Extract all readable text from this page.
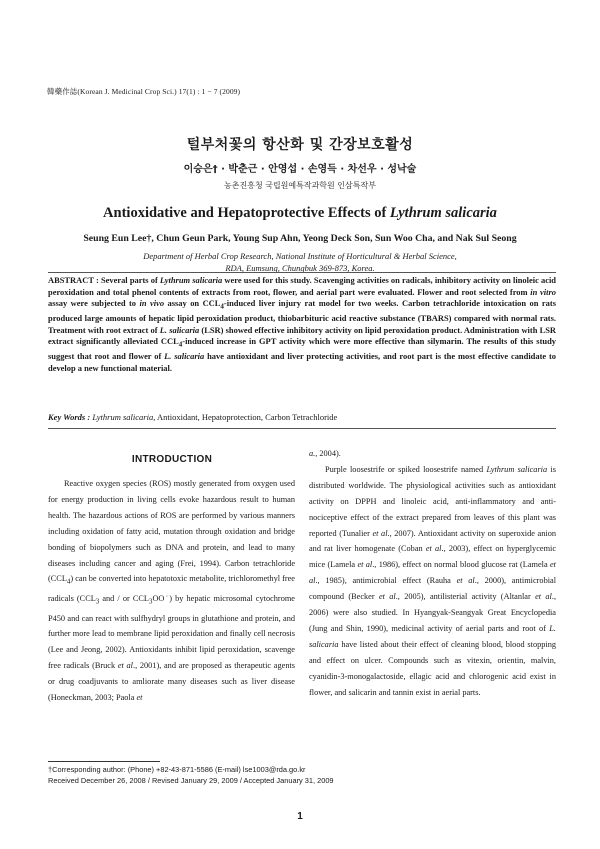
韓藥作誌(Korean J. Medicinal Crop Sci.) 17(1) : 1 − 7 (2009)
털부처꽃의 항산화 및 간장보호활성
이승은† · 박춘근 · 안영섭 · 손영득 · 차선우 · 성낙술
농촌진흥청 국립원예특작과학원 인삼특작부
Antioxidative and Hepatoprotective Effects of Lythrum salicaria
Seung Eun Lee†, Chun Geun Park, Young Sup Ahn, Yeong Deck Son, Sun Woo Cha, and Nak Sul Seong
Department of Herbal Crop Research, National Institute of Horticultural & Herbal Science,
RDA, Eumsung, Chungbuk 369-873, Korea.
ABSTRACT : Several parts of Lythrum salicaria were used for this study. Scavenging activities on radicals, inhibitory activity on linoleic acid peroxidation and total phenol contents of extracts from root, flower, and aerial part were evaluated. Flower and root selected from in vitro assay were subjected to in vivo assay on $CCL_4$-induced liver injury rat model for two weeks. Carbon tetrachloride intoxication on rats produced large amounts of hepatic lipid peroxidation product, thiobarbituric acid reactive substance (TBARS) compared with normal rats. Treatment with root extract of L. salicaria (LSR) showed effective inhibitory activity on lipid peroxidation product. Administration with LSR extract significantly alleviated $CCL_4$-induced increase in GPT activity which were more effective than silymarin. The results of this study suggest that root and flower of L. salicaria have antioxidant and liver protecting activities, and root part is the most effective candidate to develop a new functional material.
Key Words : Lythrum salicaria, Antioxidant, Hepatoprotection, Carbon Tetrachloride
INTRODUCTION

Reactive oxygen species (ROS) mostly generated from oxygen used for energy production in living cells evoke hazardous result to human health. The hazardous actions of ROS are performed by various manners including oxidation of fatty acid, mutation through oxidation and bridge bonding of biopolymers such as DNA and protein, and lead to many diseases including cancer and aging (Frei, 1994). Carbon tetrachloride $(CCL_4)$ can be converted into hepatotoxic metabolite, trichloromethyl free radicals ($CCL_3$ and / or $CCL_3OO˙$) by hepatic microsomal cytochrome P450 and can react with sulfhydryl groups in glutathione and protein, and further more lead to membrane lipid peroxidation and finally cell necrosis (Lee and Jeong, 2002). Antioxidants inhibit lipid peroxidation, scavenge free radicals (Bruck et al., 2001), and are proposed as therapeutic agents or drug coadjuvants to amliorate many diseases such as liver disease (Honeckman, 2003; Paola et

a., 2004).

Purple loosestrife or spiked loosestrife named Lythrum salicaria is distributed worldwide. The physiological activities such as antioxidant activity on DPPH and linoleic acid, anti-inflammatory and anti-nociceptive effect of the extract prepared from leaves of this plant was reported (Tunalier et al., 2007). Antioxidant activity on superoxide anion and rat liver homogenate (Coban et al., 2003), effect on hyperglycemic mice (Lamela et al., 1986), effect on normal blood glucose rat (Lamela et al., 1985), antimicrobial effect (Rauha et al., 2000), antimicrobial compound (Becker et al., 2005), antilisterial activity (Altanlar et al., 2006) were also studied. In Hyangyak-Seangyak Great Encyclopedia (Jung and Shin, 1990), medicinal activity of aerial parts and root of L. salicaria have listed about their effect of cleaning blood, blood stopping and effect on ulcer. Compounds such as vitexin, orientin, malvin, cyanidin-3-monogalactoside, ellagic acid and chlorogenic acid exist in flower, and salicarin and tannin exist in aerial parts.

†Corresponding author: (Phone) +82-43-871-5586 (E-mail) lse1003@rda.go.kr
Received December 26, 2008 / Revised January 29, 2009 / Accepted January 31, 2009
1
